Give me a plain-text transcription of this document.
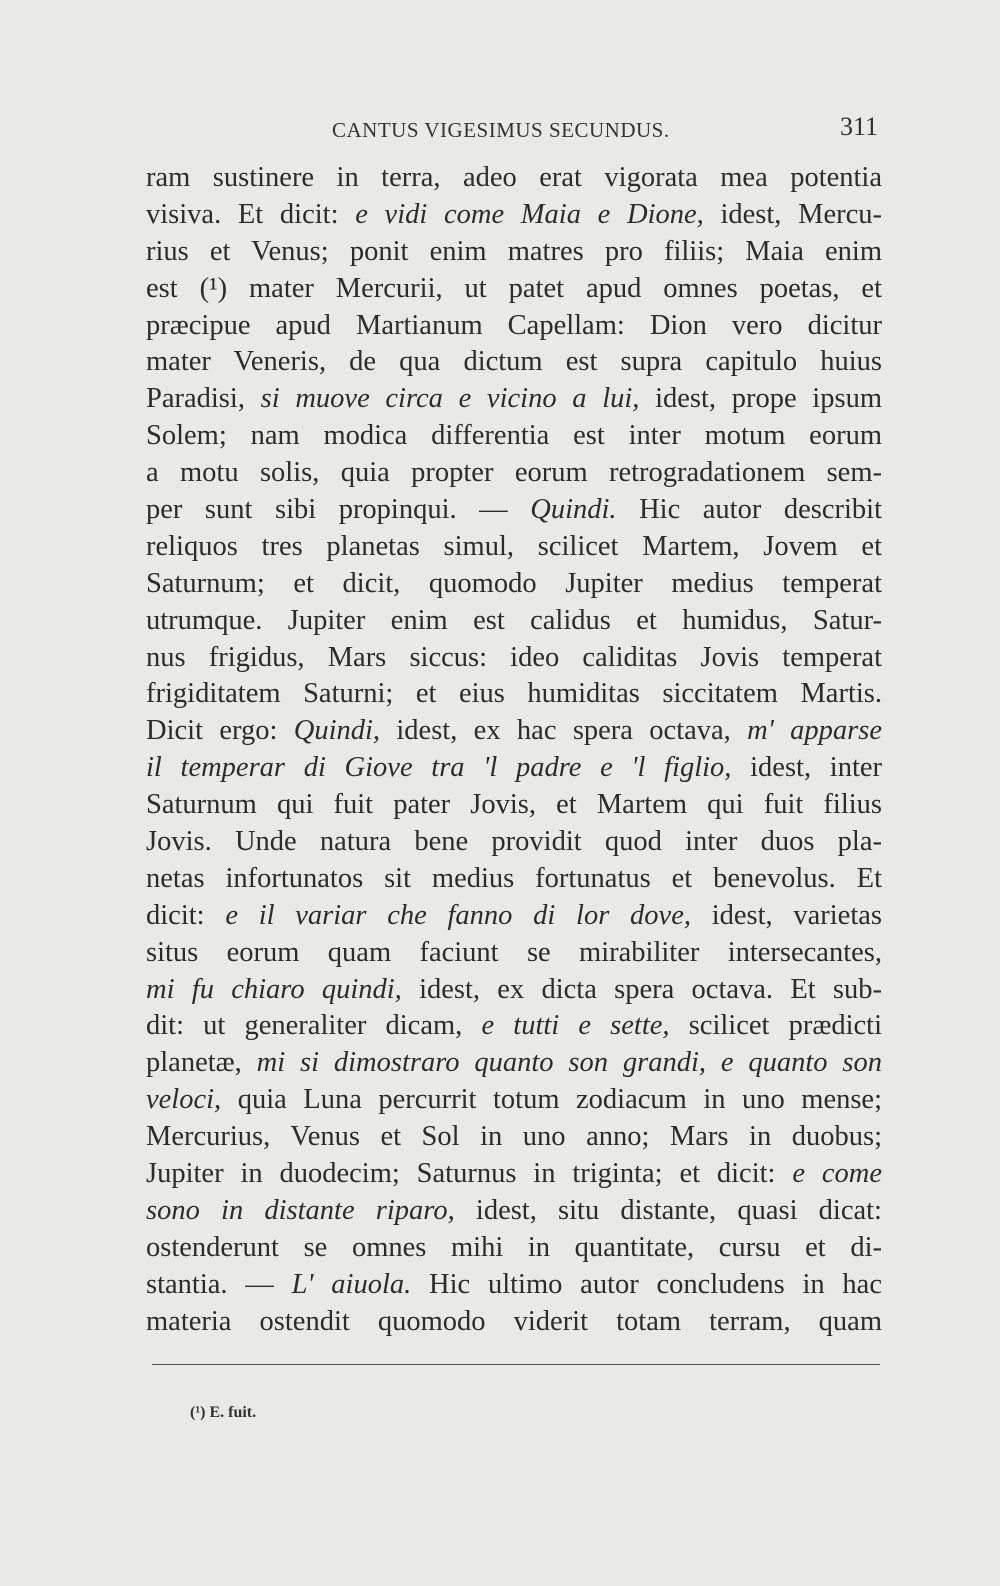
CANTUS VIGESIMUS SECUNDUS.	311
ram sustinere in terra, adeo erat vigorata mea potentia
visiva. Et dicit: e vidi come Maia e Dione, idest, Mercu-
rius et Venus; ponit enim matres pro filiis; Maia enim
est (¹) mater Mercurii, ut patet apud omnes poetas, et
præcipue apud Martianum Capellam: Dion vero dicitur
mater Veneris, de qua dictum est supra capitulo huius
Paradisi, si muove circa e vicino a lui, idest, prope ipsum
Solem; nam modica differentia est inter motum eorum
a motu solis, quia propter eorum retrogradationem sem-
per sunt sibi propinqui. — Quindi. Hic autor describit
reliquos tres planetas simul, scilicet Martem, Jovem et
Saturnum; et dicit, quomodo Jupiter medius temperat
utrumque. Jupiter enim est calidus et humidus, Satur-
nus frigidus, Mars siccus: ideo caliditas Jovis temperat
frigiditatem Saturni; et eius humiditas siccitatem Martis.
Dicit ergo: Quindi, idest, ex hac spera octava, m' apparse
il temperar di Giove tra 'l padre e 'l figlio, idest, inter
Saturnum qui fuit pater Jovis, et Martem qui fuit filius
Jovis. Unde natura bene providit quod inter duos pla-
netas infortunatos sit medius fortunatus et benevolus. Et
dicit: e il variar che fanno di lor dove, idest, varietas
situs eorum quam faciunt se mirabiliter intersecantes,
mi fu chiaro quindi, idest, ex dicta spera octava. Et sub-
dit: ut generaliter dicam, e tutti e sette, scilicet prædicti
planetæ, mi si dimostraro quanto son grandi, e quanto son
veloci, quia Luna percurrit totum zodiacum in uno mense;
Mercurius, Venus et Sol in uno anno; Mars in duobus;
Jupiter in duodecim; Saturnus in triginta; et dicit: e come
sono in distante riparo, idest, situ distante, quasi dicat:
ostenderunt se omnes mihi in quantitate, cursu et di-
stantia. — L' aiuola. Hic ultimo autor concludens in hac
materia ostendit quomodo viderit totam terram, quam
(¹) E. fuit.
